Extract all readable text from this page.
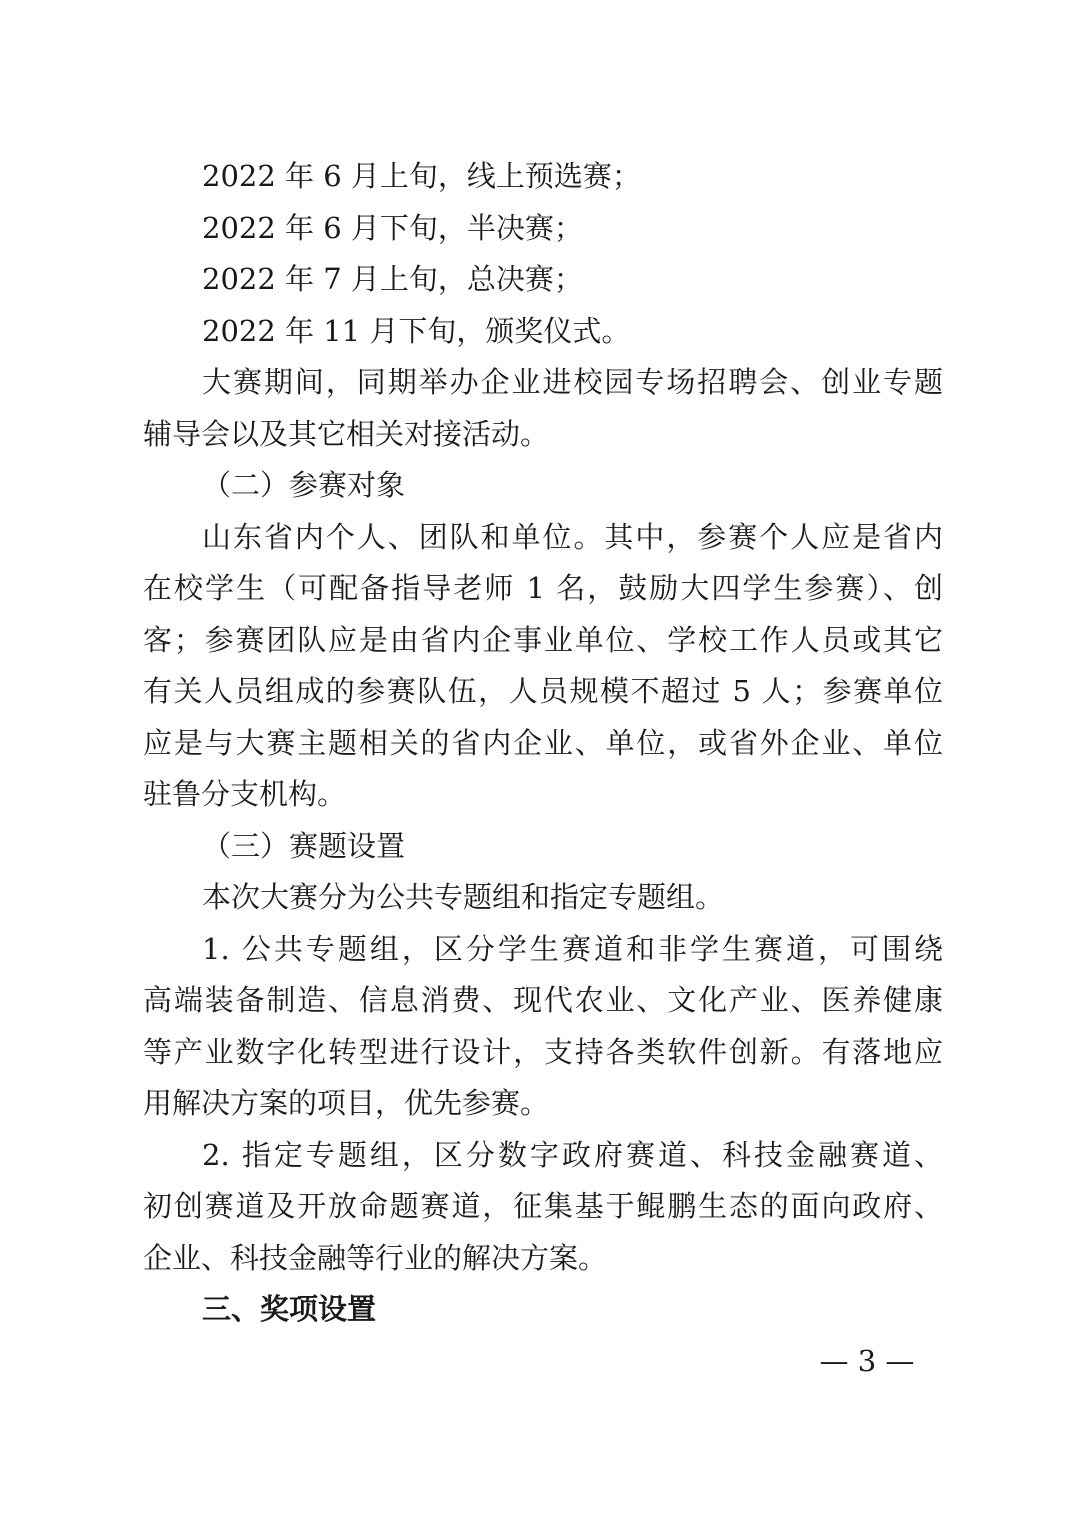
2022 年 6 月上旬，线上预选赛；
2022 年 6 月下旬，半决赛；
2022 年 7 月上旬，总决赛；
2022 年 11 月下旬，颁奖仪式。
大赛期间，同期举办企业进校园专场招聘会、创业专题
辅导会以及其它相关对接活动。
（二）参赛对象
山东省内个人、团队和单位。其中，参赛个人应是省内
在校学生（可配备指导老师 1 名，鼓励大四学生参赛）、创
客；参赛团队应是由省内企事业单位、学校工作人员或其它
有关人员组成的参赛队伍，人员规模不超过 5 人；参赛单位
应是与大赛主题相关的省内企业、单位，或省外企业、单位
驻鲁分支机构。
（三）赛题设置
本次大赛分为公共专题组和指定专题组。
1. 公共专题组，区分学生赛道和非学生赛道，可围绕
高端装备制造、信息消费、现代农业、文化产业、医养健康
等产业数字化转型进行设计，支持各类软件创新。有落地应
用解决方案的项目，优先参赛。
2. 指定专题组，区分数字政府赛道、科技金融赛道、
初创赛道及开放命题赛道，征集基于鲲鹏生态的面向政府、
企业、科技金融等行业的解决方案。
三、奖项设置
— 3 —
